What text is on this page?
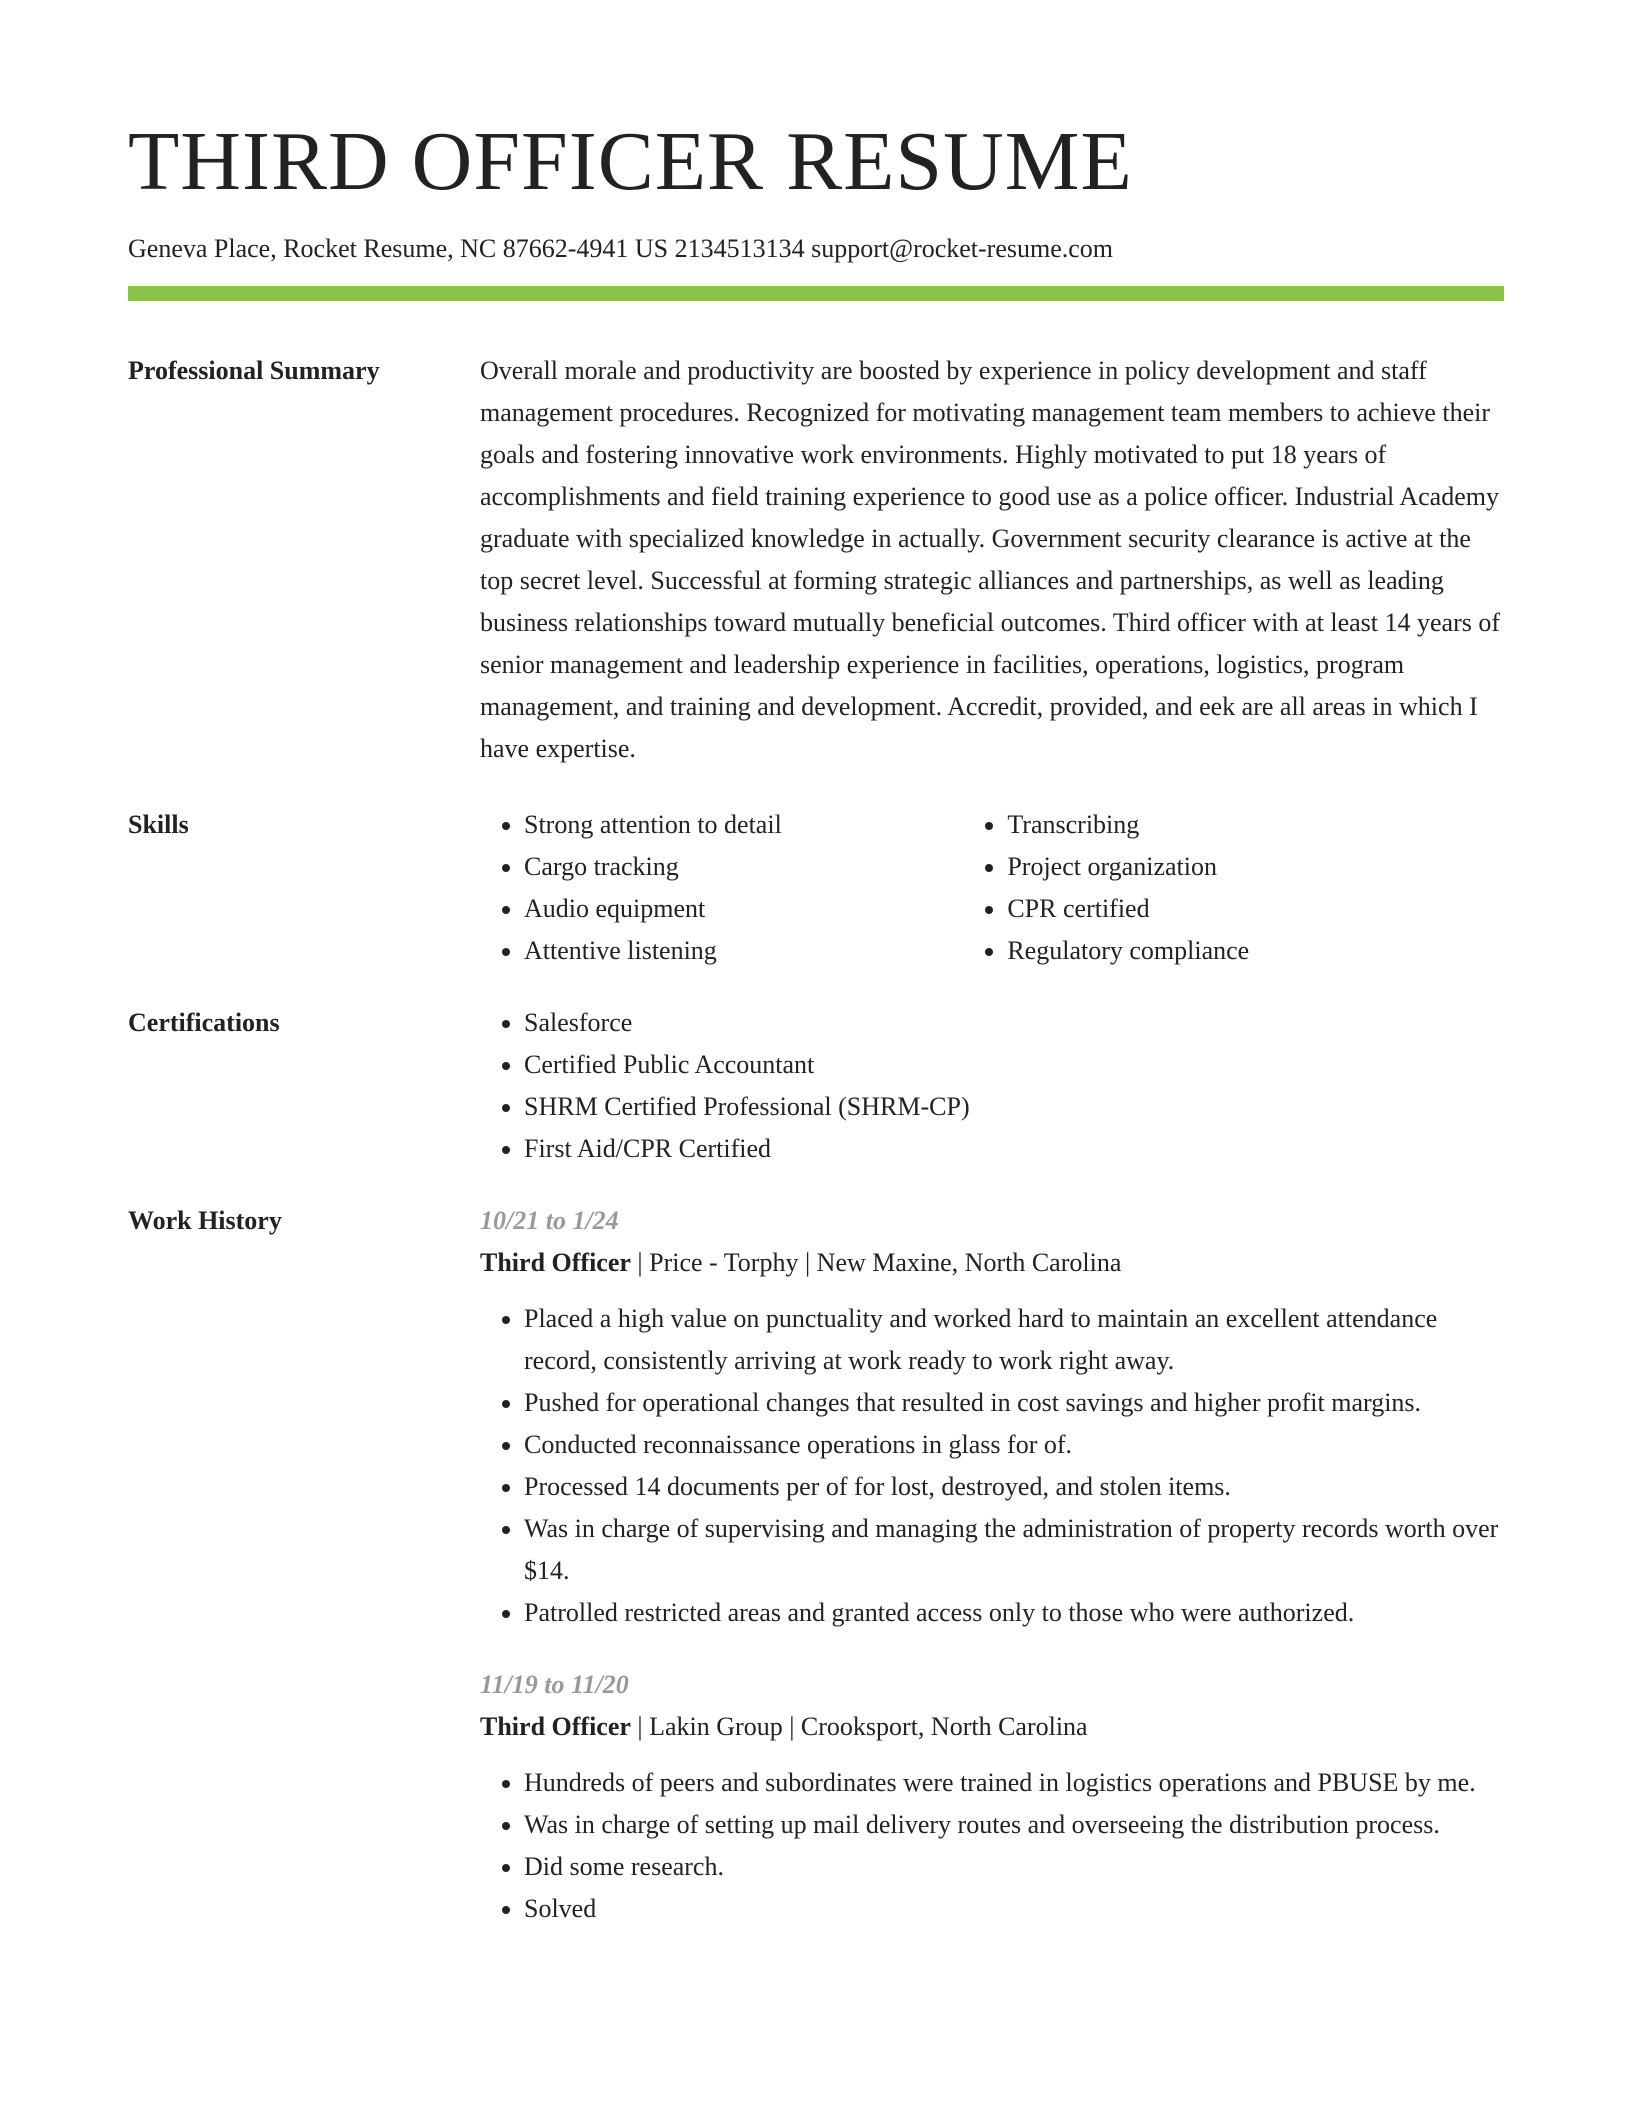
THIRD OFFICER RESUME

Geneva Place, Rocket Resume, NC 87662-4941 US 2134513134 support@rocket-resume.com

Professional Summary	Overall morale and productivity are boosted by experience in policy development and staff management procedures. Recognized for motivating management team members to achieve their goals and fostering innovative work environments. Highly motivated to put 18 years of accomplishments and field training experience to good use as a police officer. Industrial Academy graduate with specialized knowledge in actually. Government security clearance is active at the top secret level. Successful at forming strategic alliances and partnerships, as well as leading business relationships toward mutually beneficial outcomes. Third officer with at least 14 years of senior management and leadership experience in facilities, operations, logistics, program management, and training and development. Accredit, provided, and eek are all areas in which I have expertise.

Skills	• Strong attention to detail
• Cargo tracking
• Audio equipment
• Attentive listening
• Transcribing
• Project organization
• CPR certified
• Regulatory compliance
Certifications	• Salesforce
• Certified Public Accountant
• SHRM Certified Professional (SHRM-CP)
• First Aid/CPR Certified
Work History	10/21 to 1/24
Third Officer | Price - Torphy | New Maxine, North Carolina
• Placed a high value on punctuality and worked hard to maintain an excellent attendance record, consistently arriving at work ready to work right away.
• Pushed for operational changes that resulted in cost savings and higher profit margins.
• Conducted reconnaissance operations in glass for of.
• Processed 14 documents per of for lost, destroyed, and stolen items.
• Was in charge of supervising and managing the administration of property records worth over $14.
• Patrolled restricted areas and granted access only to those who were authorized.
11/19 to 11/20
Third Officer | Lakin Group | Crooksport, North Carolina
• Hundreds of peers and subordinates were trained in logistics operations and PBUSE by me.
• Was in charge of setting up mail delivery routes and overseeing the distribution process.
• Did some research.
• Solved
